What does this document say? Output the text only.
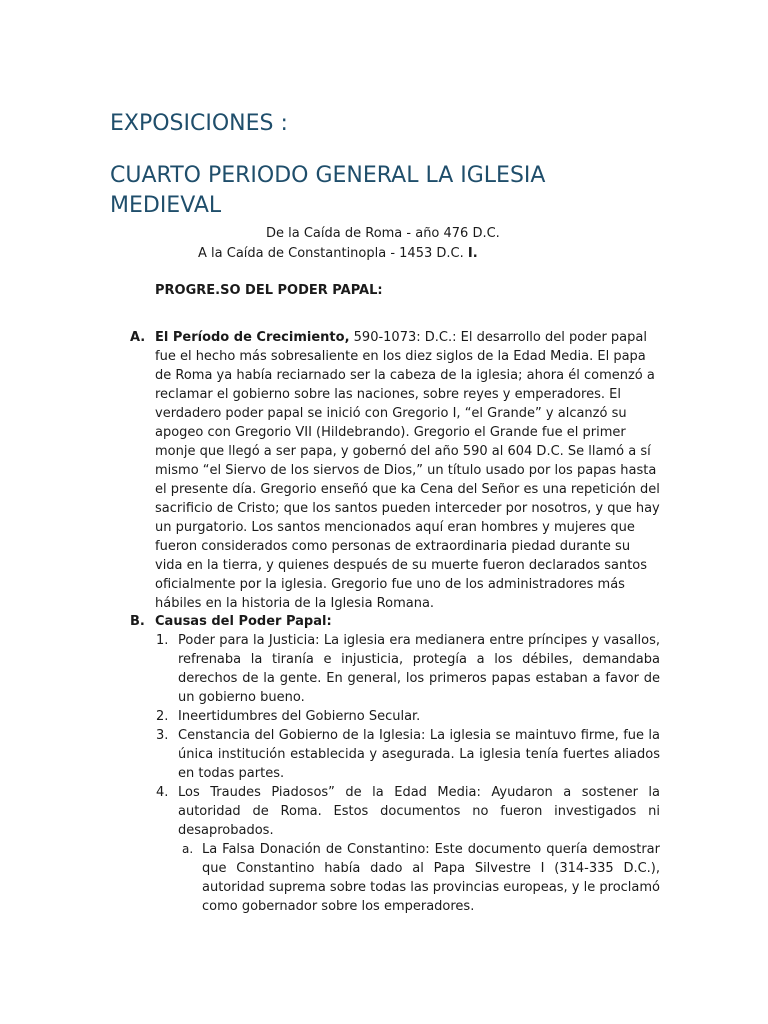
EXPOSICIONES :
CUARTO PERIODO GENERAL LA IGLESIA MEDIEVAL
De la Caída de Roma - año 476 D.C.
A la Caída de Constantinopla - 1453 D.C. I.
PROGRE.SO DEL PODER PAPAL:
A. El Período de Crecimiento, 590-1073: D.C.: El desarrollo del poder papal fue el hecho más sobresaliente en los diez siglos de la Edad Media. El papa de Roma ya había reciarnado ser la cabeza de la iglesia; ahora él comenzó a reclamar el gobierno sobre las naciones, sobre reyes y emperadores. El verdadero poder papal se inició con Gregorio I, “el Grande” y alcanzó su apogeo con Gregorio VII (Hildebrando). Gregorio el Grande fue el primer monje que llegó a ser papa, y gobernó del año 590 al 604 D.C. Se llamó a sí mismo “el Siervo de los siervos de Dios,” un título usado por los papas hasta el presente día. Gregorio enseñó que ka Cena del Señor es una repetición del sacrificio de Cristo; que los santos pueden interceder por nosotros, y que hay un purgatorio. Los santos mencionados aquí eran hombres y mujeres que fueron considerados como personas de extraordinaria piedad durante su vida en la tierra, y quienes después de su muerte fueron declarados santos oficialmente por la iglesia. Gregorio fue uno de los administradores más hábiles en la historia de la Iglesia Romana.
B. Causas del Poder Papal:
1. Poder para la Justicia: La iglesia era medianera entre príncipes y vasallos, refrenaba la tiranía e injusticia, protegía a los débiles, demandaba derechos de la gente. En general, los primeros papas estaban a favor de un gobierno bueno.
2. Ineertidumbres del Gobierno Secular.
3. Censtancia del Gobierno de la Iglesia: La iglesia se maintuvo firme, fue la única institución establecida y asegurada. La iglesia tenía fuertes aliados en todas partes.
4. Los Traudes Piadosos” de la Edad Media: Ayudaron a sostener la autoridad de Roma. Estos documentos no fueron investigados ni desaprobados.
a. La Falsa Donación de Constantino: Este documento quería demostrar que Constantino había dado al Papa Silvestre I (314-335 D.C.), autoridad suprema sobre todas las provincias europeas, y le proclamó como gobernador sobre los emperadores.
